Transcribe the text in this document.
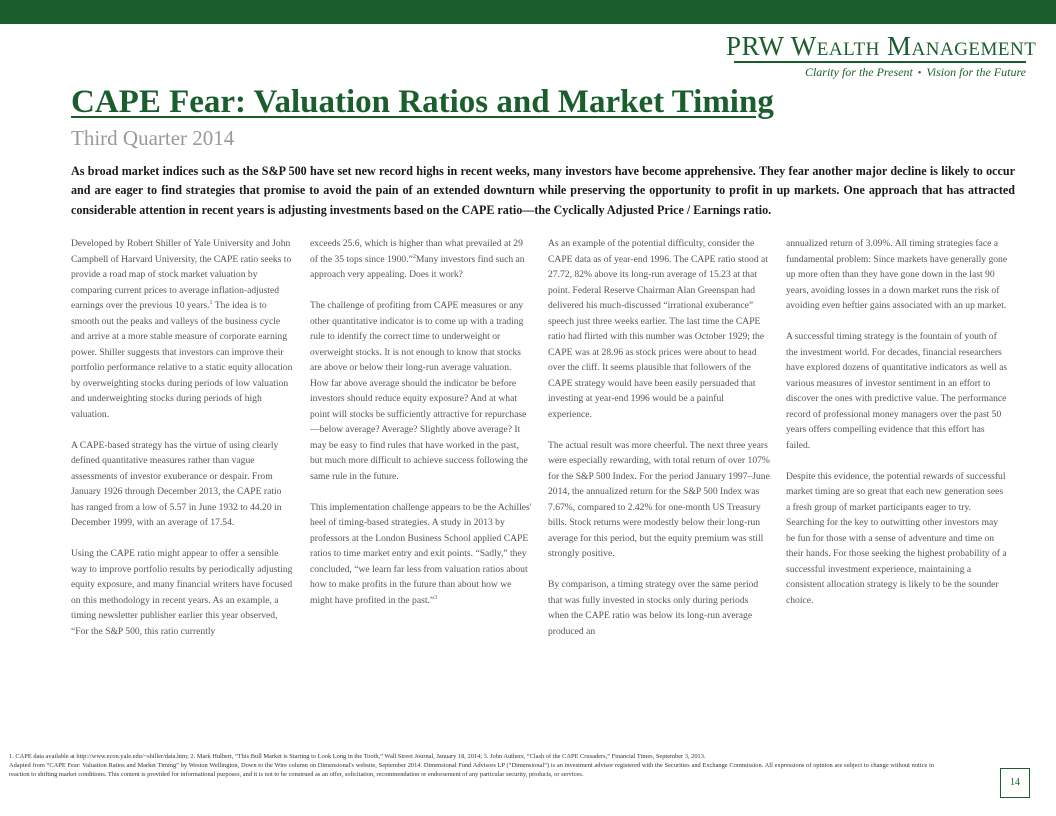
PRW Wealth Management
Clarity for the Present • Vision for the Future
CAPE Fear: Valuation Ratios and Market Timing
Third Quarter 2014

As broad market indices such as the S&P 500 have set new record highs in recent weeks, many investors have become apprehensive. They fear another major decline is likely to occur and are eager to find strategies that promise to avoid the pain of an extended downturn while preserving the opportunity to profit in up markets. One approach that has attracted considerable attention in recent years is adjusting investments based on the CAPE ratio—the Cyclically Adjusted Price / Earnings ratio.

Developed by Robert Shiller of Yale University and John Campbell of Harvard University, the CAPE ratio seeks to provide a road map of stock market valuation by comparing current prices to average inflation-adjusted earnings over the previous 10 years.$^1$ The idea is to smooth out the peaks and valleys of the business cycle and arrive at a more stable measure of corporate earning power. Shiller suggests that investors can improve their portfolio performance relative to a static equity allocation by overweighting stocks during periods of low valuation and underweighting stocks during periods of high valuation.

A CAPE-based strategy has the virtue of using clearly defined quantitative measures rather than vague assessments of investor exuberance or despair. From January 1926 through December 2013, the CAPE ratio has ranged from a low of 5.57 in June 1932 to 44.20 in December 1999, with an average of 17.54.

Using the CAPE ratio might appear to offer a sensible way to improve portfolio results by periodically adjusting equity exposure, and many financial writers have focused on this methodology in recent years. As an example, a timing newsletter publisher earlier this year observed, “For the S&P 500, this ratio currently

exceeds 25.6, which is higher than what prevailed at 29 of the 35 tops since 1900.”$^2$Many investors find such an approach very appealing. Does it work?

The challenge of profiting from CAPE measures or any other quantitative indicator is to come up with a trading rule to identify the correct time to underweight or overweight stocks. It is not enough to know that stocks are above or below their long-run average valuation. How far above average should the indicator be before investors should reduce equity exposure? And at what point will stocks be sufficiently attractive for repurchase—below average? Average? Slightly above average? It may be easy to find rules that have worked in the past, but much more difficult to achieve success following the same rule in the future.

This implementation challenge appears to be the Achilles' heel of timing-based strategies. A study in 2013 by professors at the London Business School applied CAPE ratios to time market entry and exit points. “Sadly,” they concluded, “we learn far less from valuation ratios about how to make profits in the future than about how we might have profited in the past.”$^3$

As an example of the potential difficulty, consider the CAPE data as of year-end 1996. The CAPE ratio stood at 27.72, 82% above its long-run average of 15.23 at that point. Federal Reserve Chairman Alan Greenspan had delivered his much-discussed “irrational exuberance” speech just three weeks earlier. The last time the CAPE ratio had flirted with this number was October 1929; the CAPE was at 28.96 as stock prices were about to head over the cliff. It seems plausible that followers of the CAPE strategy would have been easily persuaded that investing at year-end 1996 would be a painful experience.

The actual result was more cheerful. The next three years were especially rewarding, with total return of over 107% for the S&P 500 Index. For the period January 1997–June 2014, the annualized return for the S&P 500 Index was 7.67%, compared to 2.42% for one-month US Treasury bills. Stock returns were modestly below their long-run average for this period, but the equity premium was still strongly positive.

By comparison, a timing strategy over the same period that was fully invested in stocks only during periods when the CAPE ratio was below its long-run average produced an

annualized return of 3.09%. All timing strategies face a fundamental problem: Since markets have generally gone up more often than they have gone down in the last 90 years, avoiding losses in a down market runs the risk of avoiding even heftier gains associated with an up market.

A successful timing strategy is the fountain of youth of the investment world. For decades, financial researchers have explored dozens of quantitative indicators as well as various measures of investor sentiment in an effort to discover the ones with predictive value. The performance record of professional money managers over the past 50 years offers compelling evidence that this effort has failed.

Despite this evidence, the potential rewards of successful market timing are so great that each new generation sees a fresh group of market participants eager to try. Searching for the key to outwitting other investors may be fun for those with a sense of adventure and time on their hands. For those seeking the highest probability of a successful investment experience, maintaining a consistent allocation strategy is likely to be the sounder choice.

1. CAPE data available at http://www.econ.yale.edu/~shiller/data.htm; 2. Mark Hulbert, “This Bull Market is Starting to Look Long in the Tooth,” Wall Street Journal, January 18, 2014; 3. John Authers, “Clash of the CAPE Crusaders,” Financial Times, September 3, 2013.

Adapted from “CAPE Fear: Valuation Ratios and Market Timing” by Weston Wellington, Down to the Wire column on Dimensional's website, September 2014. Dimensional Fund Advisors LP (“Dimensional”) is an investment advisor registered with the Securities and Exchange Commission. All expressions of opinion are subject to change without notice in reaction to shifting market conditions. This content is provided for informational purposes, and it is not to be construed as an offer, solicitation, recommendation or endorsement of any particular security, products, or services.

14
